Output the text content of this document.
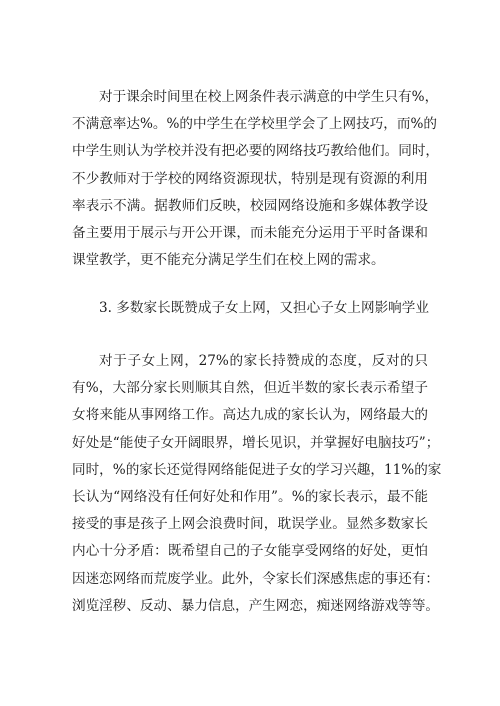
对于课余时间里在校上网条件表示满意的中学生只有%，
不满意率达%。%的中学生在学校里学会了上网技巧，而%的
中学生则认为学校并没有把必要的网络技巧教给他们。同时，
不少教师对于学校的网络资源现状，特别是现有资源的利用
率表示不满。据教师们反映，校园网络设施和多媒体教学设
备主要用于展示与开公开课，而未能充分运用于平时备课和
课堂教学，更不能充分满足学生们在校上网的需求。

3. 多数家长既赞成子女上网，又担心子女上网影响学业

对于子女上网，27%的家长持赞成的态度，反对的只
有%，大部分家长则顺其自然，但近半数的家长表示希望子
女将来能从事网络工作。高达九成的家长认为，网络最大的
好处是“能使子女开阔眼界，增长见识，并掌握好电脑技巧”；
同时，%的家长还觉得网络能促进子女的学习兴趣，11%的家
长认为“网络没有任何好处和作用”。%的家长表示，最不能
接受的事是孩子上网会浪费时间，耽误学业。显然多数家长
内心十分矛盾：既希望自己的子女能享受网络的好处，更怕
因迷恋网络而荒废学业。此外，令家长们深感焦虑的事还有：
浏览淫秽、反动、暴力信息，产生网恋，痴迷网络游戏等等。
